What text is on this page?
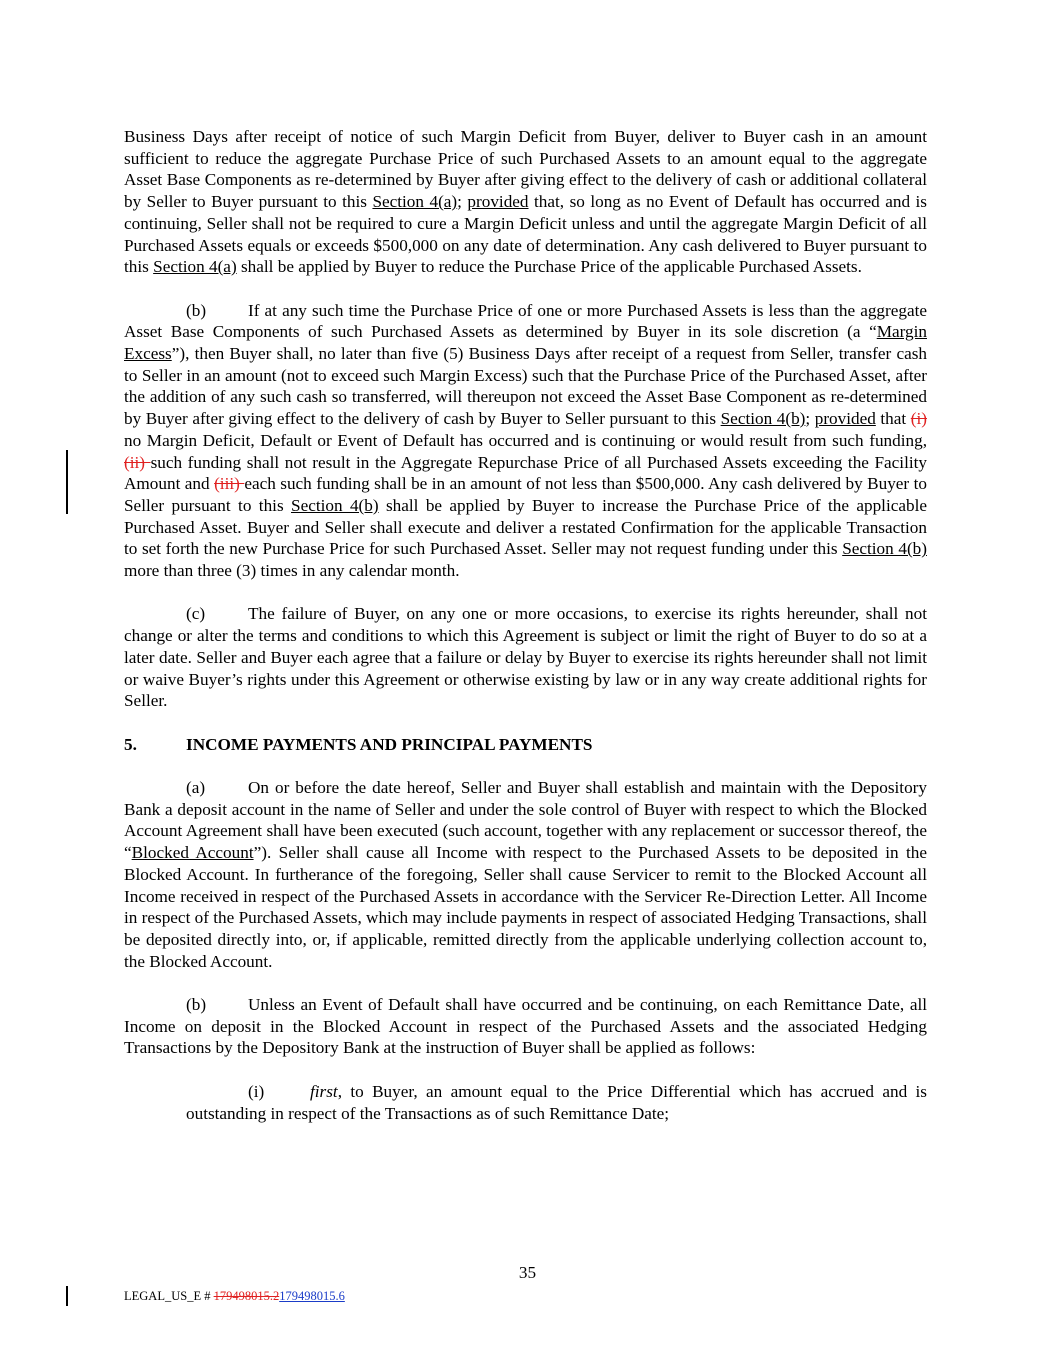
Business Days after receipt of notice of such Margin Deficit from Buyer, deliver to Buyer cash in an amount sufficient to reduce the aggregate Purchase Price of such Purchased Assets to an amount equal to the aggregate Asset Base Components as re-determined by Buyer after giving effect to the delivery of cash or additional collateral by Seller to Buyer pursuant to this Section 4(a); provided that, so long as no Event of Default has occurred and is continuing, Seller shall not be required to cure a Margin Deficit unless and until the aggregate Margin Deficit of all Purchased Assets equals or exceeds $500,000 on any date of determination. Any cash delivered to Buyer pursuant to this Section 4(a) shall be applied by Buyer to reduce the Purchase Price of the applicable Purchased Assets.

(b) If at any such time the Purchase Price of one or more Purchased Assets is less than the aggregate Asset Base Components of such Purchased Assets as determined by Buyer in its sole discretion (a “Margin Excess”), then Buyer shall, no later than five (5) Business Days after receipt of a request from Seller, transfer cash to Seller in an amount (not to exceed such Margin Excess) such that the Purchase Price of the Purchased Asset, after the addition of any such cash so transferred, will thereupon not exceed the Asset Base Component as re-determined by Buyer after giving effect to the delivery of cash by Buyer to Seller pursuant to this Section 4(b); provided that (i) no Margin Deficit, Default or Event of Default has occurred and is continuing or would result from such funding, (ii) such funding shall not result in the Aggregate Repurchase Price of all Purchased Assets exceeding the Facility Amount and (iii) each such funding shall be in an amount of not less than $500,000. Any cash delivered by Buyer to Seller pursuant to this Section 4(b) shall be applied by Buyer to increase the Purchase Price of the applicable Purchased Asset. Buyer and Seller shall execute and deliver a restated Confirmation for the applicable Transaction to set forth the new Purchase Price for such Purchased Asset. Seller may not request funding under this Section 4(b) more than three (3) times in any calendar month.

(c) The failure of Buyer, on any one or more occasions, to exercise its rights hereunder, shall not change or alter the terms and conditions to which this Agreement is subject or limit the right of Buyer to do so at a later date. Seller and Buyer each agree that a failure or delay by Buyer to exercise its rights hereunder shall not limit or waive Buyer’s rights under this Agreement or otherwise existing by law or in any way create additional rights for Seller.

5.	INCOME PAYMENTS AND PRINCIPAL PAYMENTS

(a) On or before the date hereof, Seller and Buyer shall establish and maintain with the Depository Bank a deposit account in the name of Seller and under the sole control of Buyer with respect to which the Blocked Account Agreement shall have been executed (such account, together with any replacement or successor thereof, the “Blocked Account”). Seller shall cause all Income with respect to the Purchased Assets to be deposited in the Blocked Account. In furtherance of the foregoing, Seller shall cause Servicer to remit to the Blocked Account all Income received in respect of the Purchased Assets in accordance with the Servicer Re-Direction Letter. All Income in respect of the Purchased Assets, which may include payments in respect of associated Hedging Transactions, shall be deposited directly into, or, if applicable, remitted directly from the applicable underlying collection account to, the Blocked Account.

(b) Unless an Event of Default shall have occurred and be continuing, on each Remittance Date, all Income on deposit in the Blocked Account in respect of the Purchased Assets and the associated Hedging Transactions by the Depository Bank at the instruction of Buyer shall be applied as follows:

(i)	first, to Buyer, an amount equal to the Price Differential which has accrued and is outstanding in respect of the Transactions as of such Remittance Date;

35
LEGAL_US_E # 179498015.2179498015.6
